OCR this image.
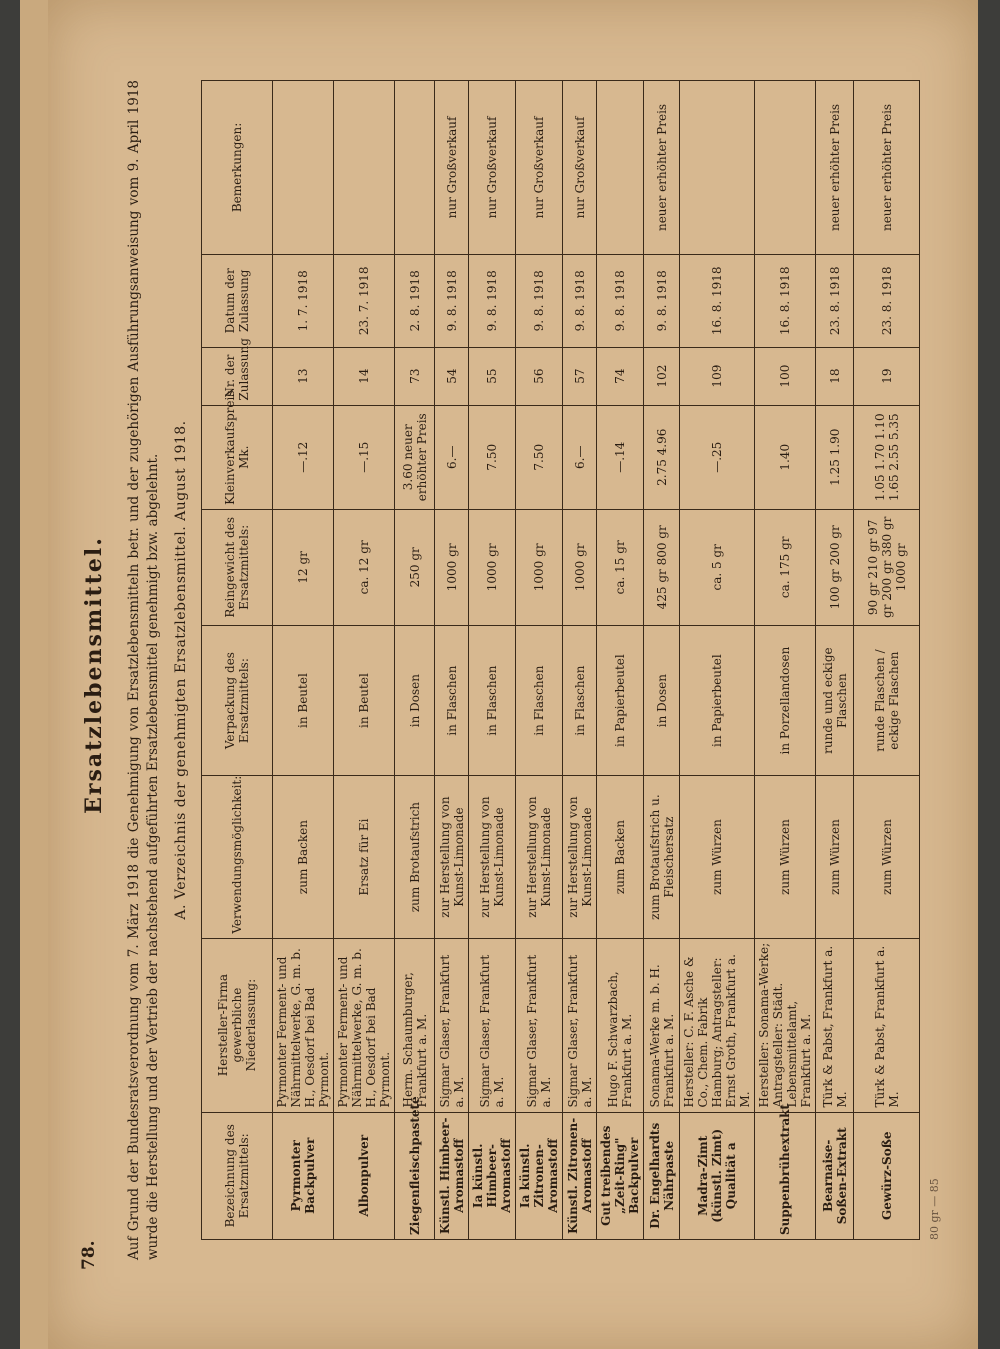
78.
Ersatzlebensmittel. Auf Grund der Bundesratsverordnung vom 7. März 1918 die Genehmigung von Ersatzlebensmitteln betr. und der zugehörigen Ausführungsanweisung vom 9. April 1918 wurde die Herstellung und der Vertrieb der nachstehend aufgeführten Ersatzlebensmittel genehmigt bzw. abgelehnt. A. Verzeichnis der genehmigten Ersatzlebensmittel. August 1918.
Bezeichnung des Ersatzmittels:	Hersteller-Firma gewerbliche Niederlassung:	Verwendungsmöglichkeit:	Verpackung des Ersatzmittels:	Reingewicht des Ersatzmittels:	Kleinverkaufspreis Mk.	Nr. der Zulassung	Datum der Zulassung	Bemerkungen:
Pyrmonter Backpulver	Pyrmonter Ferment- und Nährmittelwerke, G. m. b. H., Oesdorf bei Bad Pyrmont.	zum Backen	in Beutel	12 gr	—.12	13	1. 7. 1918	
Albonpulver	Pyrmonter Ferment- und Nährmittelwerke, G. m. b. H., Oesdorf bei Bad Pyrmont.	Ersatz für Ei	in Beutel	ca. 12 gr	—.15	14	23. 7. 1918	
Ziegenfleischpastete	Herm. Schaumburger, Frankfurt a. M.	zum Brotaufstrich	in Dosen	250 gr	3.60 neuer erhöhter Preis	73	2. 8. 1918	
Künstl. Himbeer-Aromastoff	Sigmar Glaser, Frankfurt a. M.	zur Herstellung von Kunst-Limonade	in Flaschen	1000 gr	6.—	54	9. 8. 1918	nur Großverkauf
Ia künstl. Himbeer-Aromastoff	Sigmar Glaser, Frankfurt a. M.	zur Herstellung von Kunst-Limonade	in Flaschen	1000 gr	7.50	55	9. 8. 1918	nur Großverkauf
Ia künstl. Zitronen-Aromastoff	Sigmar Glaser, Frankfurt a. M.	zur Herstellung von Kunst-Limonade	in Flaschen	1000 gr	7.50	56	9. 8. 1918	nur Großverkauf
Künstl. Zitronen-Aromastoff	Sigmar Glaser, Frankfurt a. M.	zur Herstellung von Kunst-Limonade	in Flaschen	1000 gr	6.—	57	9. 8. 1918	nur Großverkauf
Gut treibendes „Zeit-Ring" Backpulver	Hugo F. Schwarzbach, Frankfurt a. M.	zum Backen	in Papierbeutel	ca. 15 gr	—.14	74	9. 8. 1918	
Dr. Engelhardts Nährpaste	Sonama-Werke m. b. H. Frankfurt a. M.	zum Brotaufstrich u. Fleischersatz	in Dosen	425 gr 800 gr	2.75 4.96	102	9. 8. 1918	neuer erhöhter Preis
Madra-Zimt (künstl. Zimt) Qualität a	Hersteller: C. F. Asche & Co., Chem. Fabrik Hamburg; Antragsteller: Ernst Groth, Frankfurt a. M.	zum Würzen	in Papierbeutel	ca. 5 gr	—.25	109	16. 8. 1918	
Suppenbrühextrakt	Hersteller: Sonama-Werke; Antragsteller: Städt. Lebensmittelamt, Frankfurt a. M.	zum Würzen	in Porzellandosen	ca. 175 gr	1.40	100	16. 8. 1918	
Bearnaise-Soßen-Extrakt	Türk & Pabst, Frankfurt a. M.	zum Würzen	runde und eckige Flaschen	100 gr 200 gr	1.25 1.90	18	23. 8. 1918	neuer erhöhter Preis
Gewürz-Soße	Türk & Pabst, Frankfurt a. M.	zum Würzen	runde Flaschen / eckige Flaschen	90 gr 210 gr 97 gr 200 gr 380 gr 1000 gr	1.05 1.70 1.10 1.65 2.55 5.35	19	23. 8. 1918	neuer erhöhter Preis
80 gr — 85
